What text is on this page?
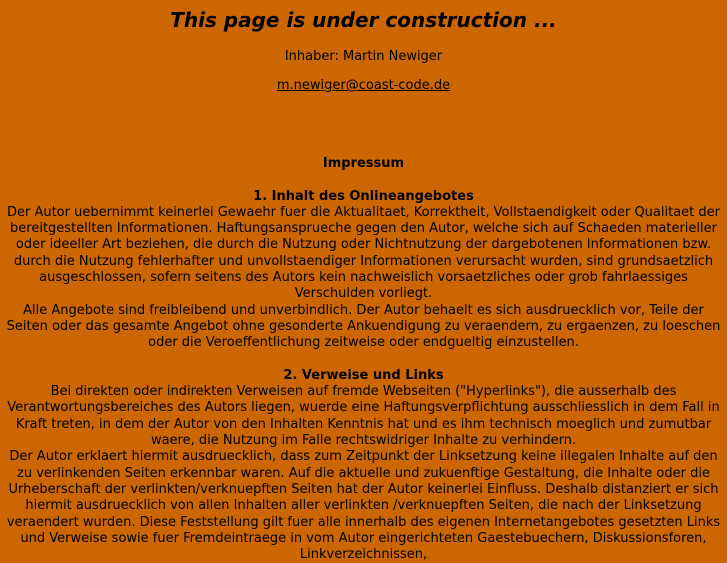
This page is under construction ...
Inhaber: Martin Newiger
m.newiger@coast-code.de
Impressum
1. Inhalt des Onlineangebotes

Der Autor uebernimmt keinerlei Gewaehr fuer die Aktualitaet, Korrektheit, Vollstaendigkeit oder Qualitaet der bereitgestellten Informationen. Haftungsansprueche gegen den Autor, welche sich auf Schaeden materieller oder ideeller Art beziehen, die durch die Nutzung oder Nichtnutzung der dargebotenen Informationen bzw. durch die Nutzung fehlerhafter und unvollstaendiger Informationen verursacht wurden, sind grundsaetzlich ausgeschlossen, sofern seitens des Autors kein nachweislich vorsaetzliches oder grob fahrlaessiges Verschulden vorliegt.

Alle Angebote sind freibleibend und unverbindlich. Der Autor behaelt es sich ausdruecklich vor, Teile der Seiten oder das gesamte Angebot ohne gesonderte Ankuendigung zu veraendern, zu ergaenzen, zu loeschen oder die Veroeffentlichung zeitweise oder endgueltig einzustellen.

2. Verweise und Links

Bei direkten oder indirekten Verweisen auf fremde Webseiten ("Hyperlinks"), die ausserhalb des Verantwortungsbereiches des Autors liegen, wuerde eine Haftungsverpflichtung ausschliesslich in dem Fall in Kraft treten, in dem der Autor von den Inhalten Kenntnis hat und es ihm technisch moeglich und zumutbar waere, die Nutzung im Falle rechtswidriger Inhalte zu verhindern.

Der Autor erklaert hiermit ausdruecklich, dass zum Zeitpunkt der Linksetzung keine illegalen Inhalte auf den zu verlinkenden Seiten erkennbar waren. Auf die aktuelle und zukuenftige Gestaltung, die Inhalte oder die Urheberschaft der verlinkten/verknuepften Seiten hat der Autor keinerlei Einfluss. Deshalb distanziert er sich hiermit ausdruecklich von allen Inhalten aller verlinkten /verknuepften Seiten, die nach der Linksetzung veraendert wurden. Diese Feststellung gilt fuer alle innerhalb des eigenen Internetangebotes gesetzten Links und Verweise sowie fuer Fremdeintraege in vom Autor eingerichteten Gaestebuechern, Diskussionsforen, Linkverzeichnissen,
